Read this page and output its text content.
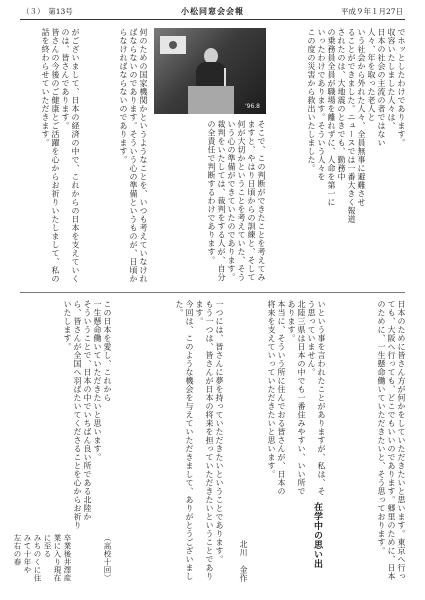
（３）　第13号	小松同窓会会報	平成９年１月27日

でホッとしたわけであります。
収容いたしました人々は、
日本の社会の主流の者ではない
人々、年を取った老人と
いう社会から外れた人々、全員無事に避難させ
ることができました。ニュースでは一番大きく報道
されたのは、大地震のときでも、勤務中
の乗務員全員が職場を離れずに、人命を第一に
いったわけであります。そういう人々を
この度の災害から救出いたしました。

'96.8

そこで、この判断ができたことを考えてみますと、やはり日頃からの訓練と、そして何が大切かということを考えていた、そういう心の準備ができていたのであります。
裁判をいたしては、裁判をする人が、自分の全責任で判断するわけであります。

何のための国家機関かというようなことを、いつも考えていなければならないのであります。そういう心の準備というものが、日頃からなければならないのであります。

がございまして、日本の経済の中で、これからの日本を支えていくのは、皆さんであります。
皆さんの今後のご健康とご活躍を心からお祈りいたしまして、私の話を終わらせていただきます。

日本のために皆さん方が何かをしていただきたいと思います。東京へ行っても、大阪へ行っても、どこでもいいのであります。郷里のために、日本のために、一生懸命働いていただきたいと、そう思っております。

いという事を言われたことがありますが、私は、そう思っていません。
北陸三県は日本の中でも一番住みやすい、いい所であります。
本当に、そういう所に住んでおる皆さんが、日本の将来を支えていっていただきたいと思います。

在学中の思い出

北川　金作

一つには、皆さんに夢を持っていただきたいということであります。
もう一つは、皆さんが日本の将来を担っていただきたいということであります。
今回は、このような機会を与えていただきまして、ありがとうございました。

この日本を愛し、これから
一生懸命働いていただきたいと思います。
そういうことで、日本の中でいちばん良い所である北陸から、皆さんが全国へ羽ばたいてくださることを心からお祈りいたします。

（高校十回）

卒業後井澤産業に入り現在に至る

みちのくに住みて十年や　左右の春
